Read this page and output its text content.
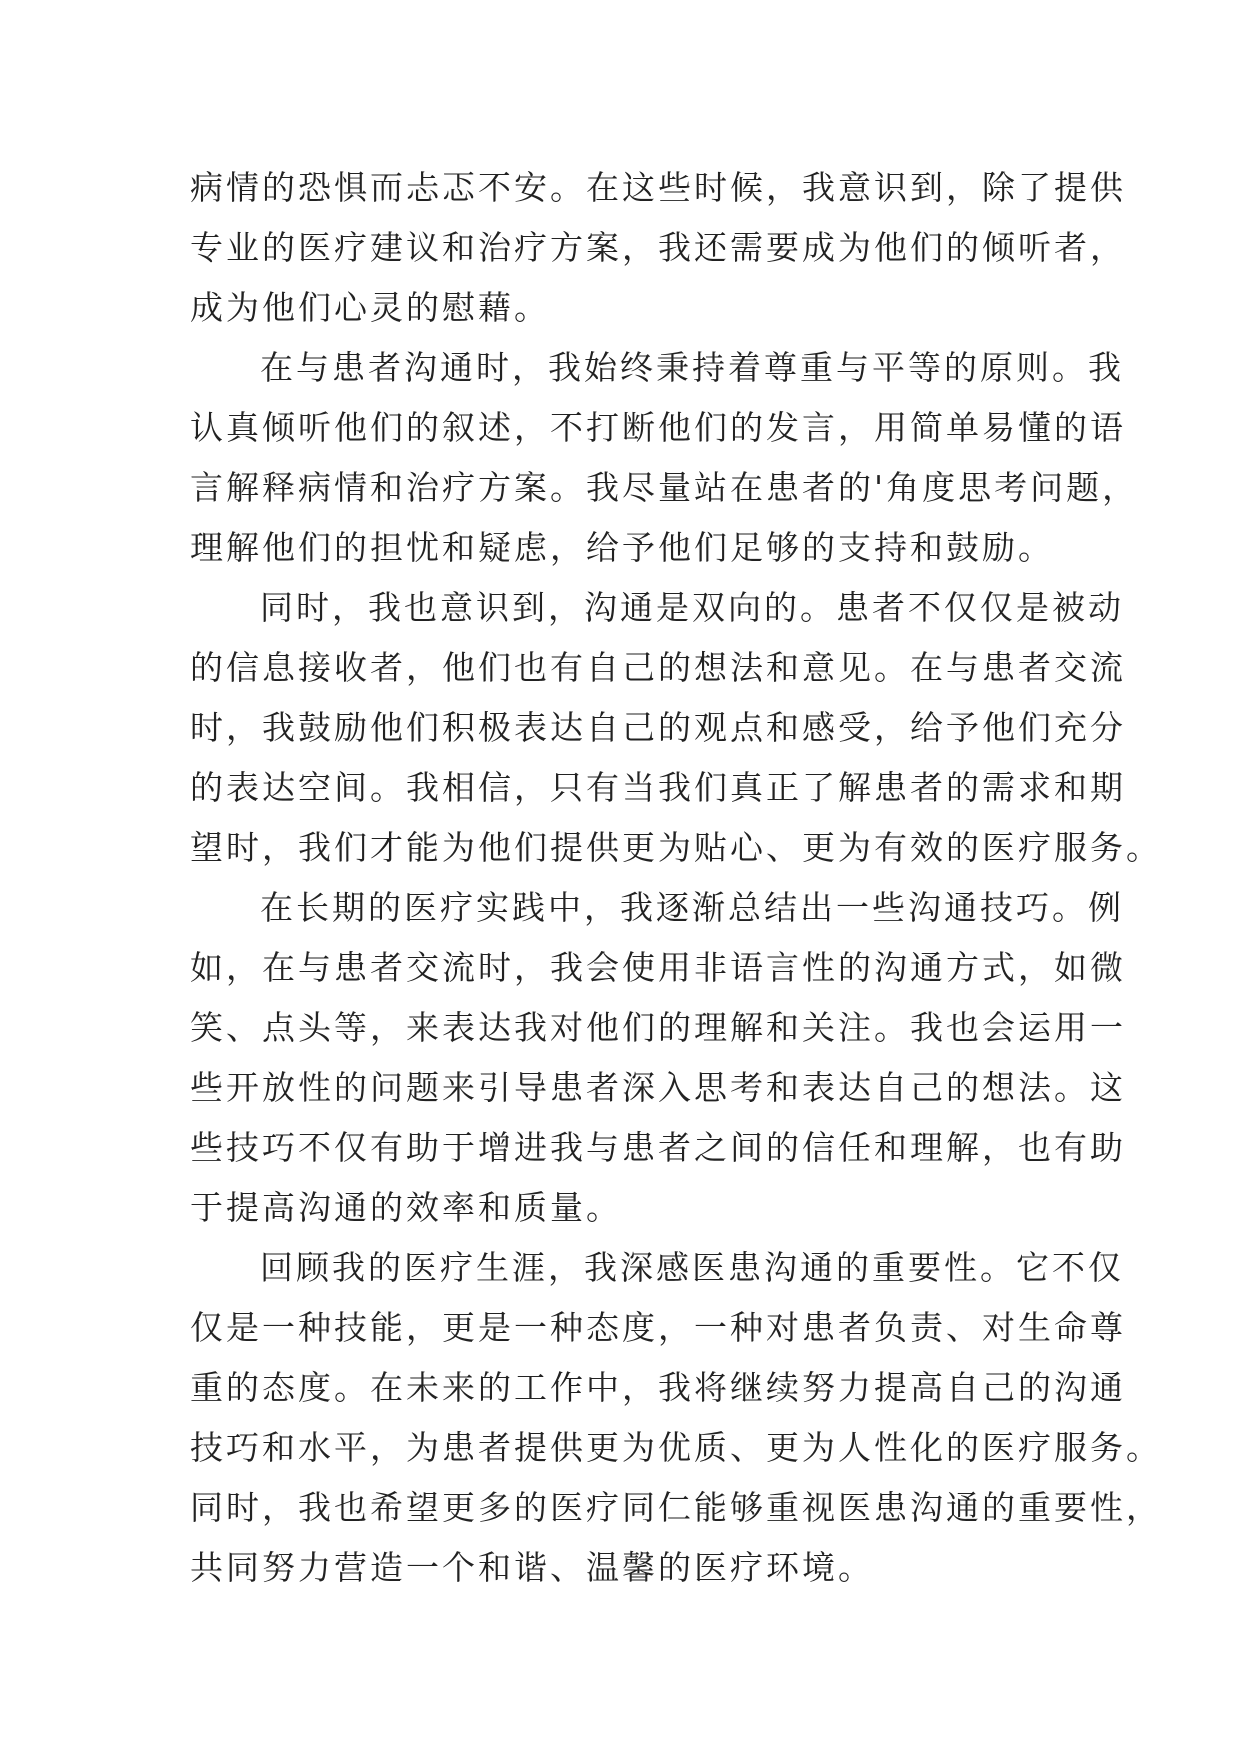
病情的恐惧而忐忑不安。在这些时候，我意识到，除了提供
专业的医疗建议和治疗方案，我还需要成为他们的倾听者，
成为他们心灵的慰藉。
在与患者沟通时，我始终秉持着尊重与平等的原则。我
认真倾听他们的叙述，不打断他们的发言，用简单易懂的语
言解释病情和治疗方案。我尽量站在患者的'角度思考问题，
理解他们的担忧和疑虑，给予他们足够的支持和鼓励。
同时，我也意识到，沟通是双向的。患者不仅仅是被动
的信息接收者，他们也有自己的想法和意见。在与患者交流
时，我鼓励他们积极表达自己的观点和感受，给予他们充分
的表达空间。我相信，只有当我们真正了解患者的需求和期
望时，我们才能为他们提供更为贴心、更为有效的医疗服务。
在长期的医疗实践中，我逐渐总结出一些沟通技巧。例
如，在与患者交流时，我会使用非语言性的沟通方式，如微
笑、点头等，来表达我对他们的理解和关注。我也会运用一
些开放性的问题来引导患者深入思考和表达自己的想法。这
些技巧不仅有助于增进我与患者之间的信任和理解，也有助
于提高沟通的效率和质量。
回顾我的医疗生涯，我深感医患沟通的重要性。它不仅
仅是一种技能，更是一种态度，一种对患者负责、对生命尊
重的态度。在未来的工作中，我将继续努力提高自己的沟通
技巧和水平，为患者提供更为优质、更为人性化的医疗服务。
同时，我也希望更多的医疗同仁能够重视医患沟通的重要性，
共同努力营造一个和谐、温馨的医疗环境。
